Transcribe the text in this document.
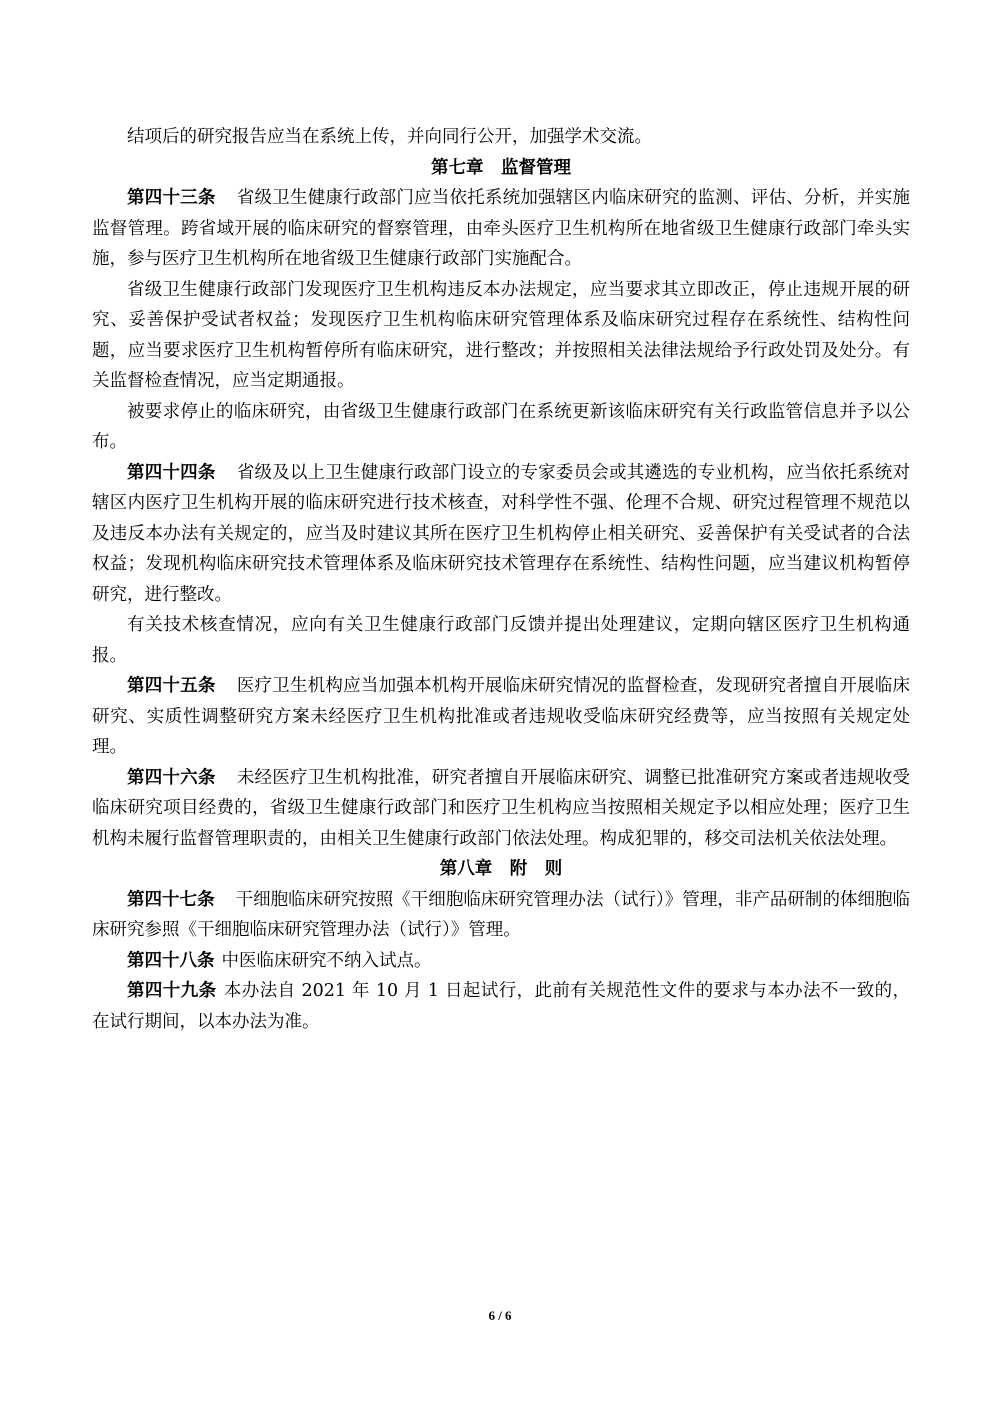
结项后的研究报告应当在系统上传，并向同行公开，加强学术交流。

第七章　监督管理

第四十三条 省级卫生健康行政部门应当依托系统加强辖区内临床研究的监测、评估、分析，并实施监督管理。跨省域开展的临床研究的督察管理，由牵头医疗卫生机构所在地省级卫生健康行政部门牵头实施，参与医疗卫生机构所在地省级卫生健康行政部门实施配合。

省级卫生健康行政部门发现医疗卫生机构违反本办法规定，应当要求其立即改正，停止违规开展的研究、妥善保护受试者权益；发现医疗卫生机构临床研究管理体系及临床研究过程存在系统性、结构性问题，应当要求医疗卫生机构暂停所有临床研究，进行整改；并按照相关法律法规给予行政处罚及处分。有关监督检查情况，应当定期通报。

被要求停止的临床研究，由省级卫生健康行政部门在系统更新该临床研究有关行政监管信息并予以公布。

第四十四条 省级及以上卫生健康行政部门设立的专家委员会或其遴选的专业机构，应当依托系统对辖区内医疗卫生机构开展的临床研究进行技术核查，对科学性不强、伦理不合规、研究过程管理不规范以及违反本办法有关规定的，应当及时建议其所在医疗卫生机构停止相关研究、妥善保护有关受试者的合法权益；发现机构临床研究技术管理体系及临床研究技术管理存在系统性、结构性问题，应当建议机构暂停研究，进行整改。

有关技术核查情况，应向有关卫生健康行政部门反馈并提出处理建议，定期向辖区医疗卫生机构通报。

第四十五条 医疗卫生机构应当加强本机构开展临床研究情况的监督检查，发现研究者擅自开展临床研究、实质性调整研究方案未经医疗卫生机构批准或者违规收受临床研究经费等，应当按照有关规定处理。

第四十六条 未经医疗卫生机构批准，研究者擅自开展临床研究、调整已批准研究方案或者违规收受临床研究项目经费的，省级卫生健康行政部门和医疗卫生机构应当按照相关规定予以相应处理；医疗卫生机构未履行监督管理职责的，由相关卫生健康行政部门依法处理。构成犯罪的，移交司法机关依法处理。

第八章　附　则

第四十七条 干细胞临床研究按照《干细胞临床研究管理办法（试行）》管理，非产品研制的体细胞临床研究参照《干细胞临床研究管理办法（试行）》管理。

第四十八条 中医临床研究不纳入试点。

第四十九条 本办法自 2021 年 10 月 1 日起试行，此前有关规范性文件的要求与本办法不一致的，在试行期间，以本办法为准。

6 / 6
